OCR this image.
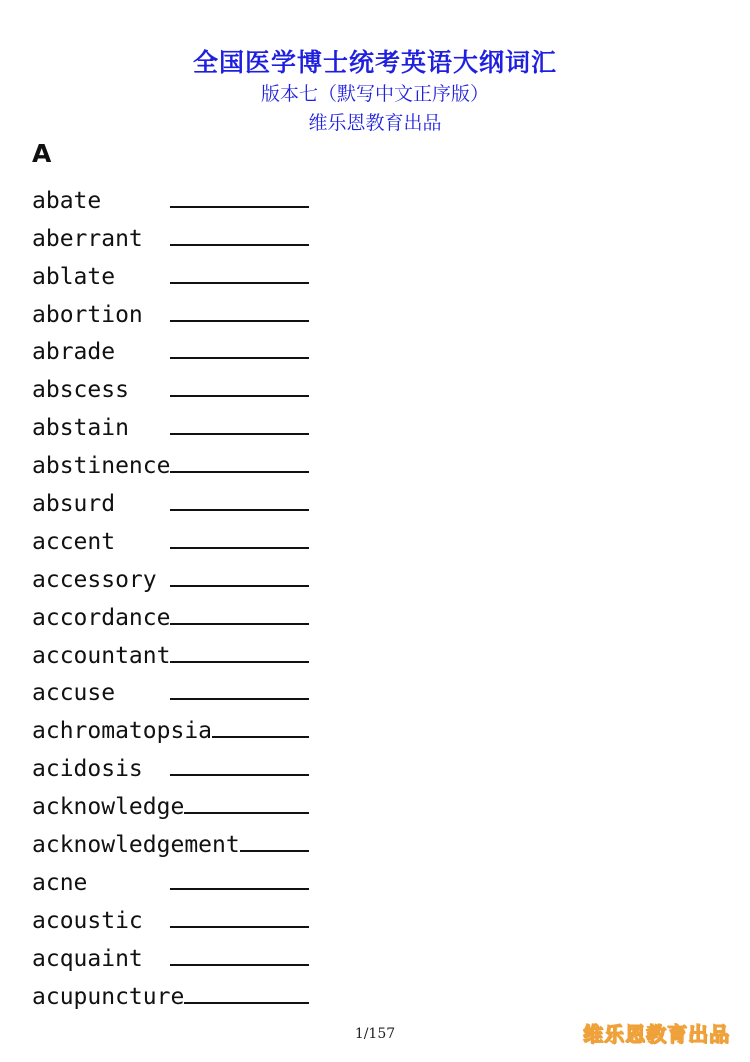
全国医学博士统考英语大纲词汇
版本七（默写中文正序版）
维乐恩教育出品
A
abate
aberrant
ablate
abortion
abrade
abscess
abstain
abstinence
absurd
accent
accessory
accordance
accountant
accuse
achromatopsia
acidosis
acknowledge
acknowledgement
acne
acoustic
acquaint
acupuncture
1/157	维乐恩教育出品
